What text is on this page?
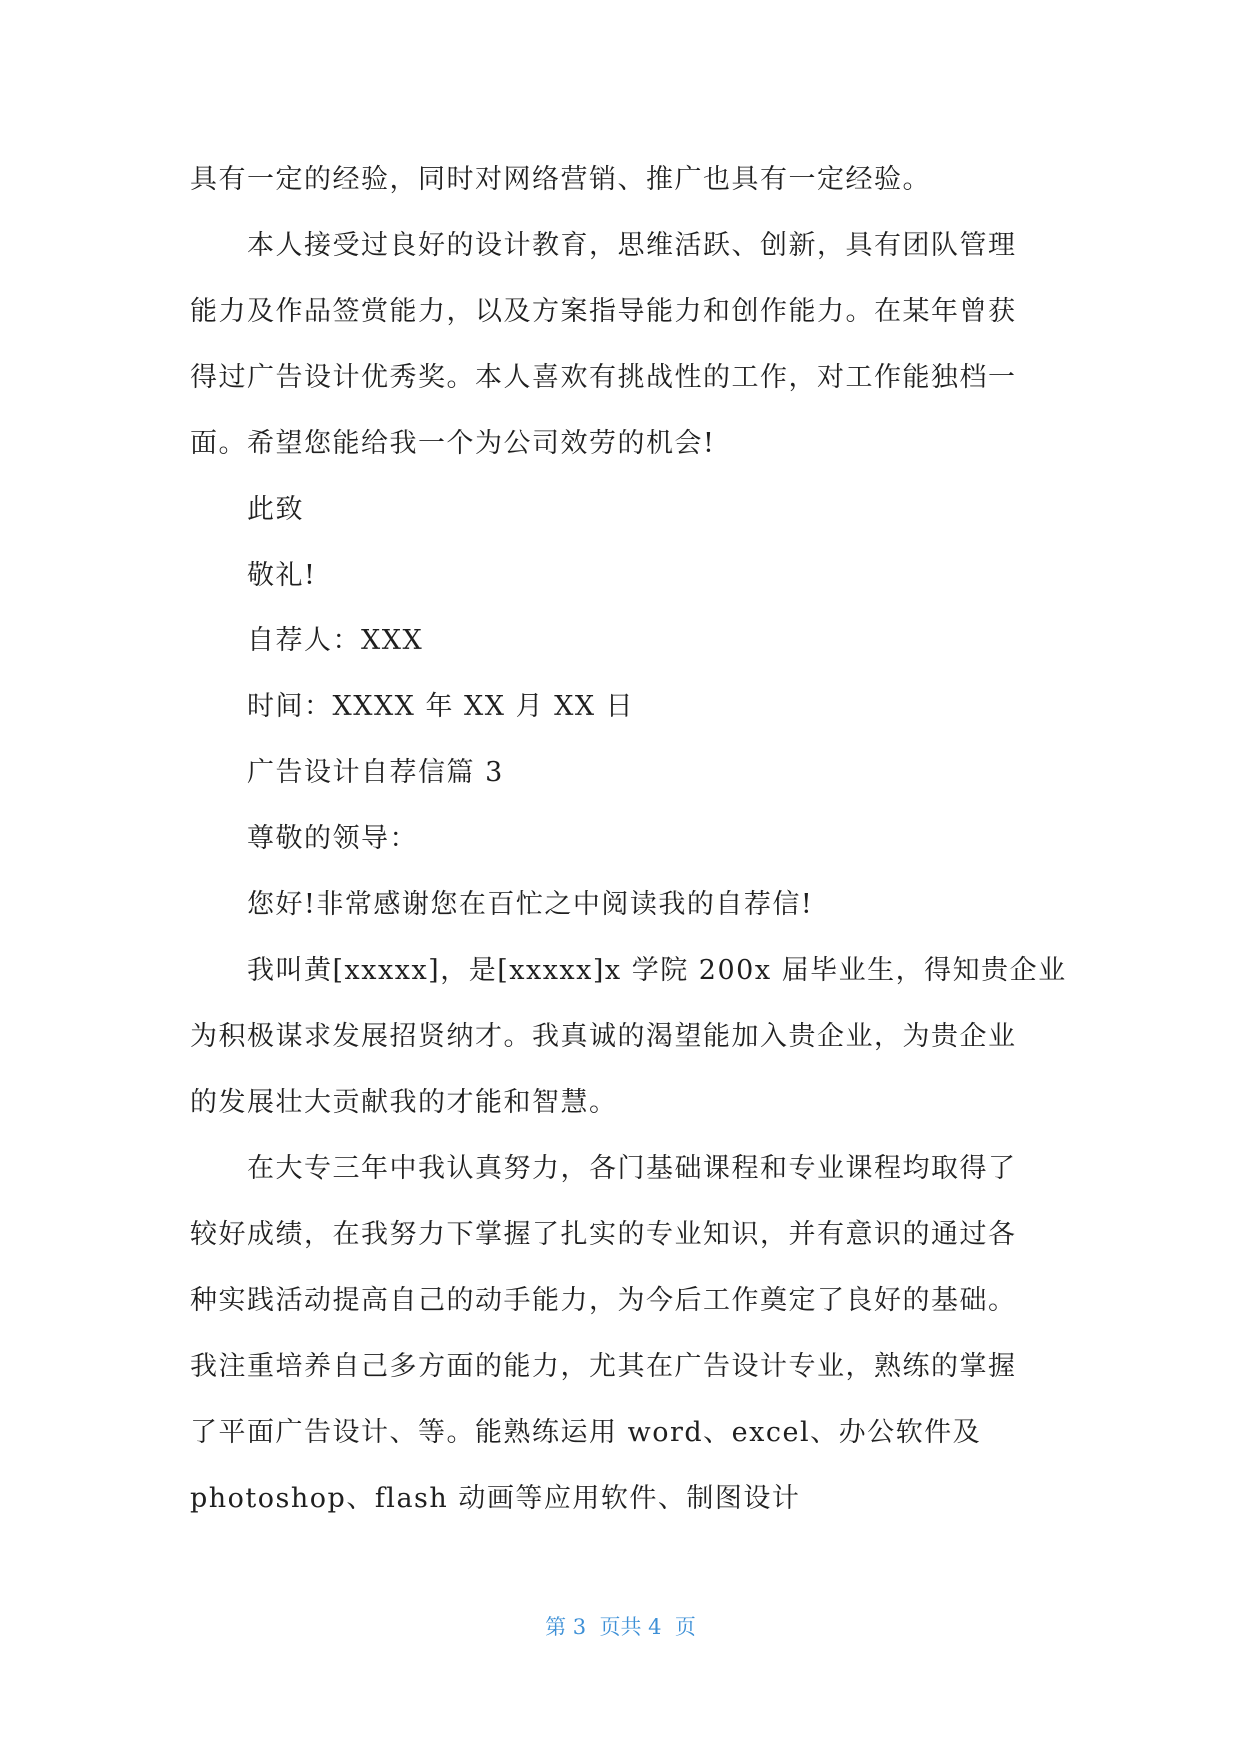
具有一定的经验，同时对网络营销、推广也具有一定经验。
本人接受过良好的设计教育，思维活跃、创新，具有团队管理
能力及作品签赏能力，以及方案指导能力和创作能力。在某年曾获
得过广告设计优秀奖。本人喜欢有挑战性的工作，对工作能独档一
面。希望您能给我一个为公司效劳的机会!
此致
敬礼!
自荐人：XXX
时间：XXXX 年 XX 月 XX 日
广告设计自荐信篇 3
尊敬的领导：
您好!非常感谢您在百忙之中阅读我的自荐信!
我叫黄[xxxxx]，是[xxxxx]x 学院 200x 届毕业生，得知贵企业
为积极谋求发展招贤纳才。我真诚的渴望能加入贵企业，为贵企业
的发展壮大贡献我的才能和智慧。
在大专三年中我认真努力，各门基础课程和专业课程均取得了
较好成绩，在我努力下掌握了扎实的专业知识，并有意识的通过各
种实践活动提高自己的动手能力，为今后工作奠定了良好的基础。
我注重培养自己多方面的能力，尤其在广告设计专业，熟练的掌握
了平面广告设计、等。能熟练运用 word、excel、办公软件及
photoshop、flash 动画等应用软件、制图设计
第 3  页共 4  页
